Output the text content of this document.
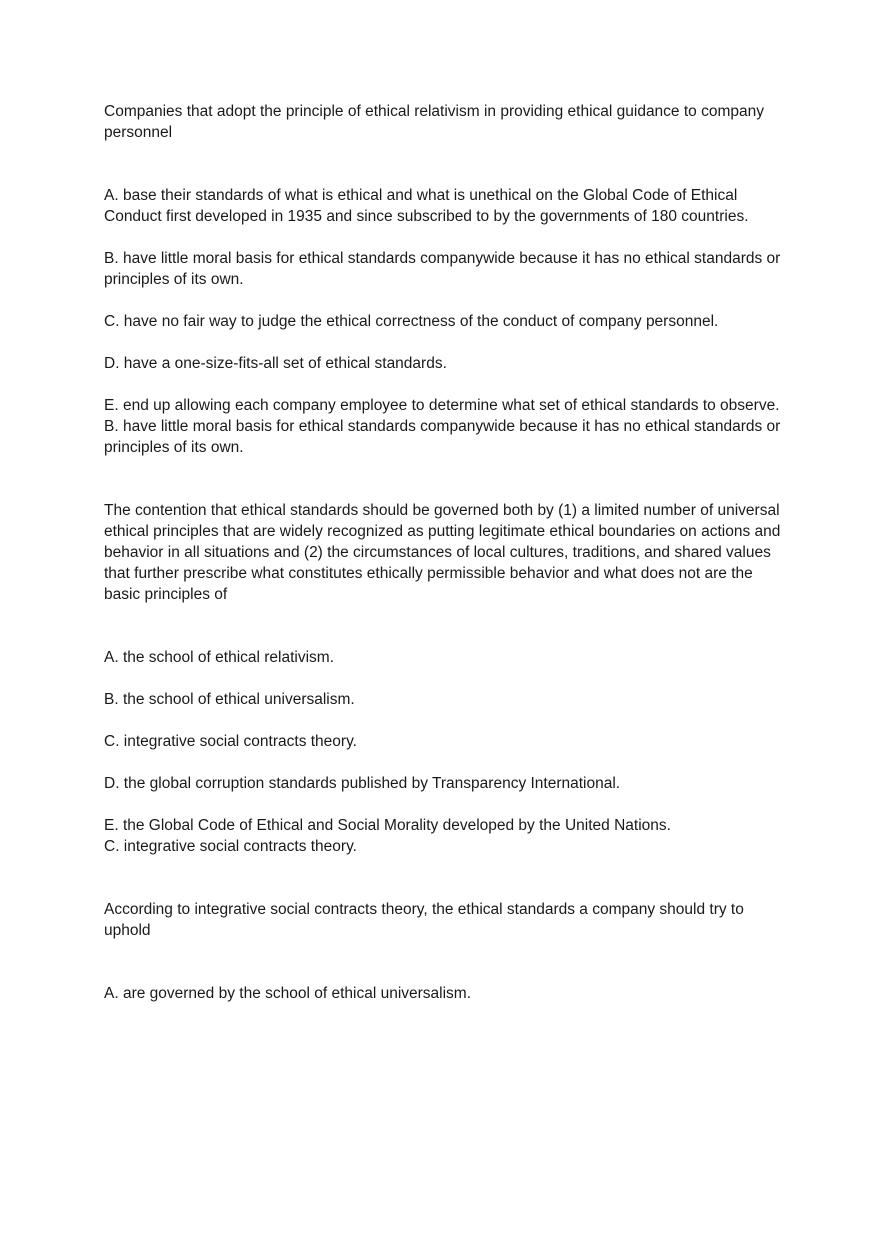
Companies that adopt the principle of ethical relativism in providing ethical guidance to company personnel

A. base their standards of what is ethical and what is unethical on the Global Code of Ethical Conduct first developed in 1935 and since subscribed to by the governments of 180 countries.

B. have little moral basis for ethical standards companywide because it has no ethical standards or principles of its own.

C. have no fair way to judge the ethical correctness of the conduct of company personnel.

D. have a one-size-fits-all set of ethical standards.

E. end up allowing each company employee to determine what set of ethical standards to observe.

B. have little moral basis for ethical standards companywide because it has no ethical standards or principles of its own.

The contention that ethical standards should be governed both by (1) a limited number of universal ethical principles that are widely recognized as putting legitimate ethical boundaries on actions and behavior in all situations and (2) the circumstances of local cultures, traditions, and shared values that further prescribe what constitutes ethically permissible behavior and what does not are the basic principles of

A. the school of ethical relativism.

B. the school of ethical universalism.

C. integrative social contracts theory.

D. the global corruption standards published by Transparency International.

E. the Global Code of Ethical and Social Morality developed by the United Nations.

C. integrative social contracts theory.

According to integrative social contracts theory, the ethical standards a company should try to uphold

A. are governed by the school of ethical universalism.
